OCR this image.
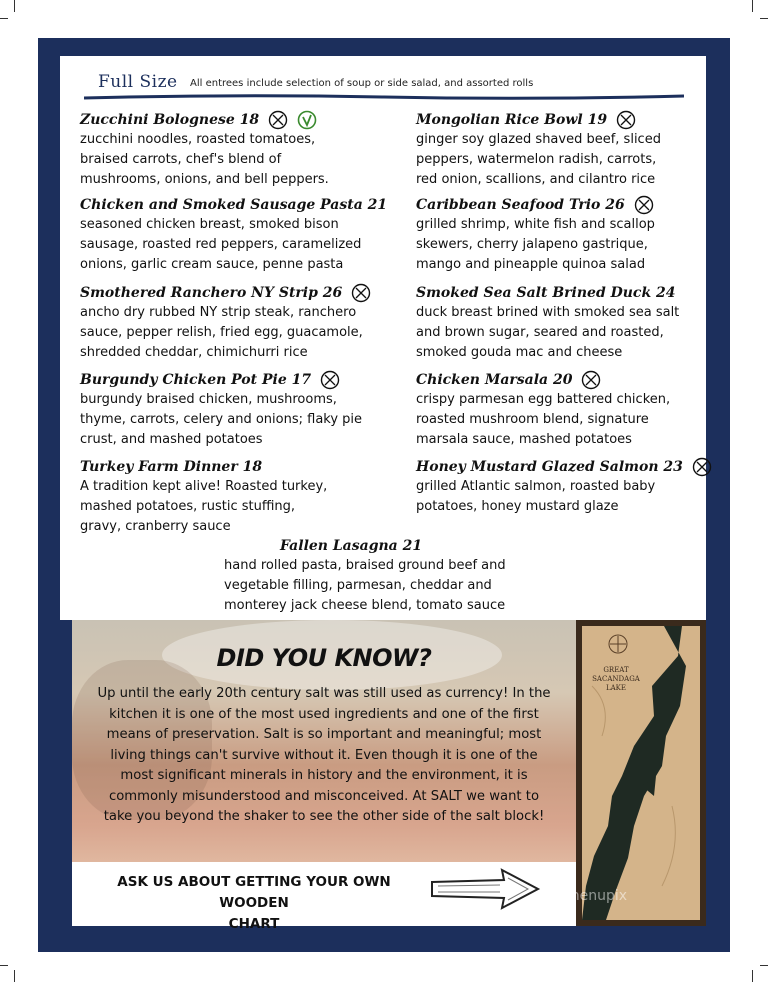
Full Size All entrees include selection of soup or side salad, and assorted rolls
Zucchini Bolognese 18
zucchini noodles, roasted tomatoes,
braised carrots, chef's blend of
mushrooms, onions, and bell peppers.
Chicken and Smoked Sausage Pasta 21
seasoned chicken breast, smoked bison
sausage, roasted red peppers, caramelized
onions, garlic cream sauce, penne pasta
Smothered Ranchero NY Strip 26
ancho dry rubbed NY strip steak, ranchero
sauce, pepper relish, fried egg, guacamole,
shredded cheddar, chimichurri rice
Burgundy Chicken Pot Pie 17
burgundy braised chicken, mushrooms,
thyme, carrots, celery and onions; flaky pie
crust, and mashed potatoes
Turkey Farm Dinner 18
A tradition kept alive! Roasted turkey,
mashed potatoes, rustic stuffing,
gravy, cranberry sauce
Mongolian Rice Bowl 19
ginger soy glazed shaved beef, sliced
peppers, watermelon radish, carrots,
red onion, scallions, and cilantro rice
Caribbean Seafood Trio 26
grilled shrimp, white fish and scallop
skewers, cherry jalapeno gastrique,
mango and pineapple quinoa salad
Smoked Sea Salt Brined Duck 24
duck breast brined with smoked sea salt
and brown sugar, seared and roasted,
smoked gouda mac and cheese
Chicken Marsala 20
crispy parmesan egg battered chicken,
roasted mushroom blend, signature
marsala sauce, mashed potatoes
Honey Mustard Glazed Salmon 23
grilled Atlantic salmon, roasted baby
potatoes, honey mustard glaze
Fallen Lasagna 21
hand rolled pasta, braised ground beef and
vegetable filling, parmesan, cheddar and
monterey jack cheese blend, tomato sauce
DID YOU KNOW?
Up until the early 20th century salt was still used as currency! In the
kitchen it is one of the most used ingredients and one of the first
means of preservation. Salt is so important and meaningful; most
living things can't survive without it. Even though it is one of the
most significant minerals in history and the environment, it is
commonly misunderstood and misconceived. At SALT we want to
take you beyond the shaker to see the other side of the salt block!
ASK US ABOUT GETTING YOUR OWN WOODEN
CHART
GREAT
SACANDAGA LAKE
menupix
